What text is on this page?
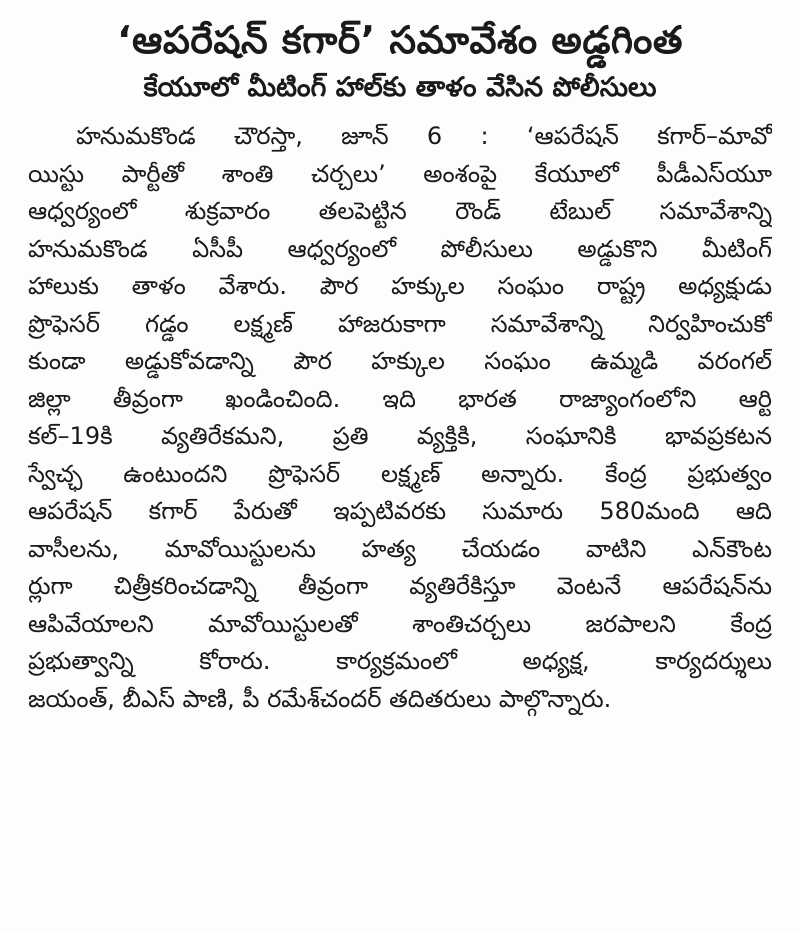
‘ఆపరేషన్ కగార్’ సమావేశం అడ్డగింత
కేయూలో మీటింగ్ హాల్‌కు తాళం వేసిన పోలీసులు
హనుమకొండ చౌరస్తా, జూన్ 6 : ‘ఆపరేషన్ కగార్–మావో
యిస్టు పార్టీతో శాంతి చర్చలు’ అంశంపై కేయూలో పీడీఎస్‌యూ
ఆధ్వర్యంలో శుక్రవారం తలపెట్టిన రౌండ్ టేబుల్ సమావేశాన్ని
హనుమకొండ ఏసీపీ ఆధ్వర్యంలో పోలీసులు అడ్డుకొని మీటింగ్
హాలుకు తాళం వేశారు. పౌర హక్కుల సంఘం రాష్ట్ర అధ్యక్షుడు
ప్రొఫెసర్ గడ్డం లక్ష్మణ్ హాజరుకాగా సమావేశాన్ని నిర్వహించుకో
కుండా అడ్డుకోవడాన్ని పౌర హక్కుల సంఘం ఉమ్మడి వరంగల్
జిల్లా తీవ్రంగా ఖండించింది. ఇది భారత రాజ్యాంగంలోని ఆర్టి
కల్–19కి వ్యతిరేకమని, ప్రతి వ్యక్తికి, సంఘానికి భావప్రకటన
స్వేచ్ఛ ఉంటుందని ప్రొఫెసర్ లక్ష్మణ్ అన్నారు. కేంద్ర ప్రభుత్వం
ఆపరేషన్ కగార్ పేరుతో ఇప్పటివరకు సుమారు 580మంది ఆది
వాసీలను, మావోయిస్టులను హత్య చేయడం వాటిని ఎన్‌కౌంట
ర్లుగా చిత్రీకరించడాన్ని తీవ్రంగా వ్యతిరేకిస్తూ వెంటనే ఆపరేషన్‌ను
ఆపివేయాలని మావోయిస్టులతో శాంతిచర్చలు జరపాలని కేంద్ర
ప్రభుత్వాన్ని కోరారు. కార్యక్రమంలో అధ్యక్ష, కార్యదర్శులు
జయంత్, బీఎస్ పాణి, పీ రమేశ్‌చందర్ తదితరులు పాల్గొన్నారు.
